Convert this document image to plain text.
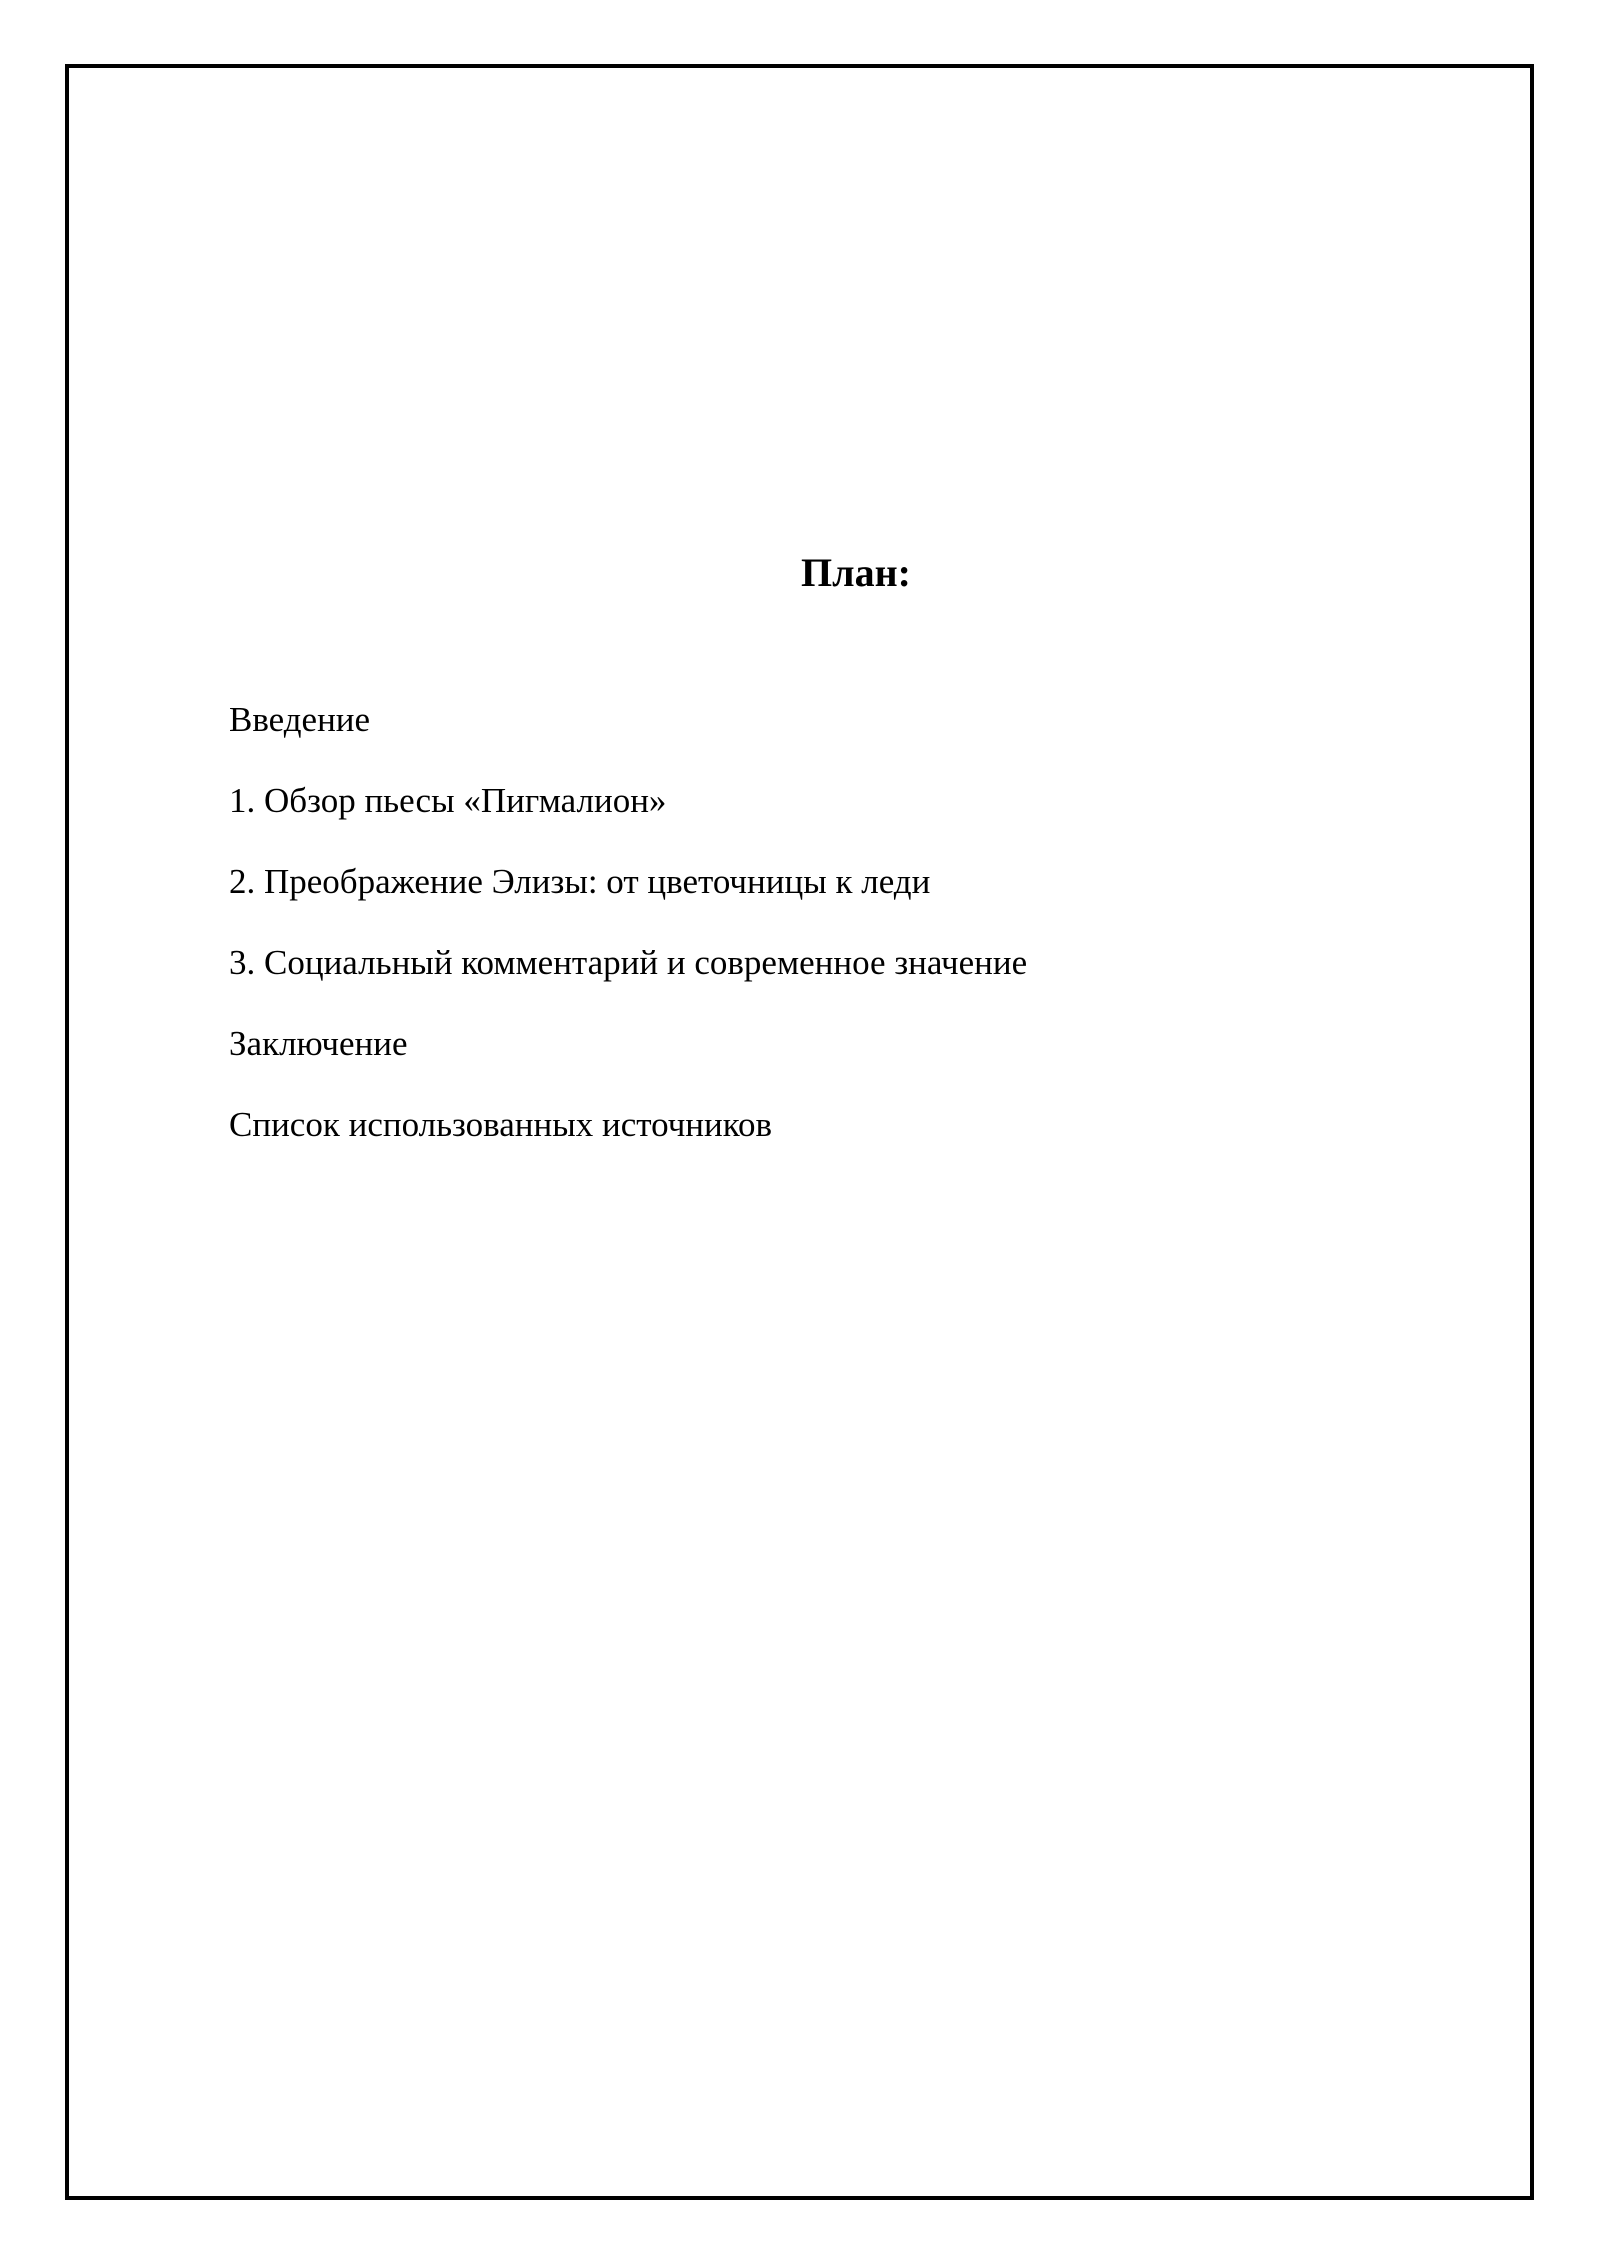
План:
Введение
1. Обзор пьесы «Пигмалион»
2. Преображение Элизы: от цветочницы к леди
3. Социальный комментарий и современное значение
Заключение
Список использованных источников
